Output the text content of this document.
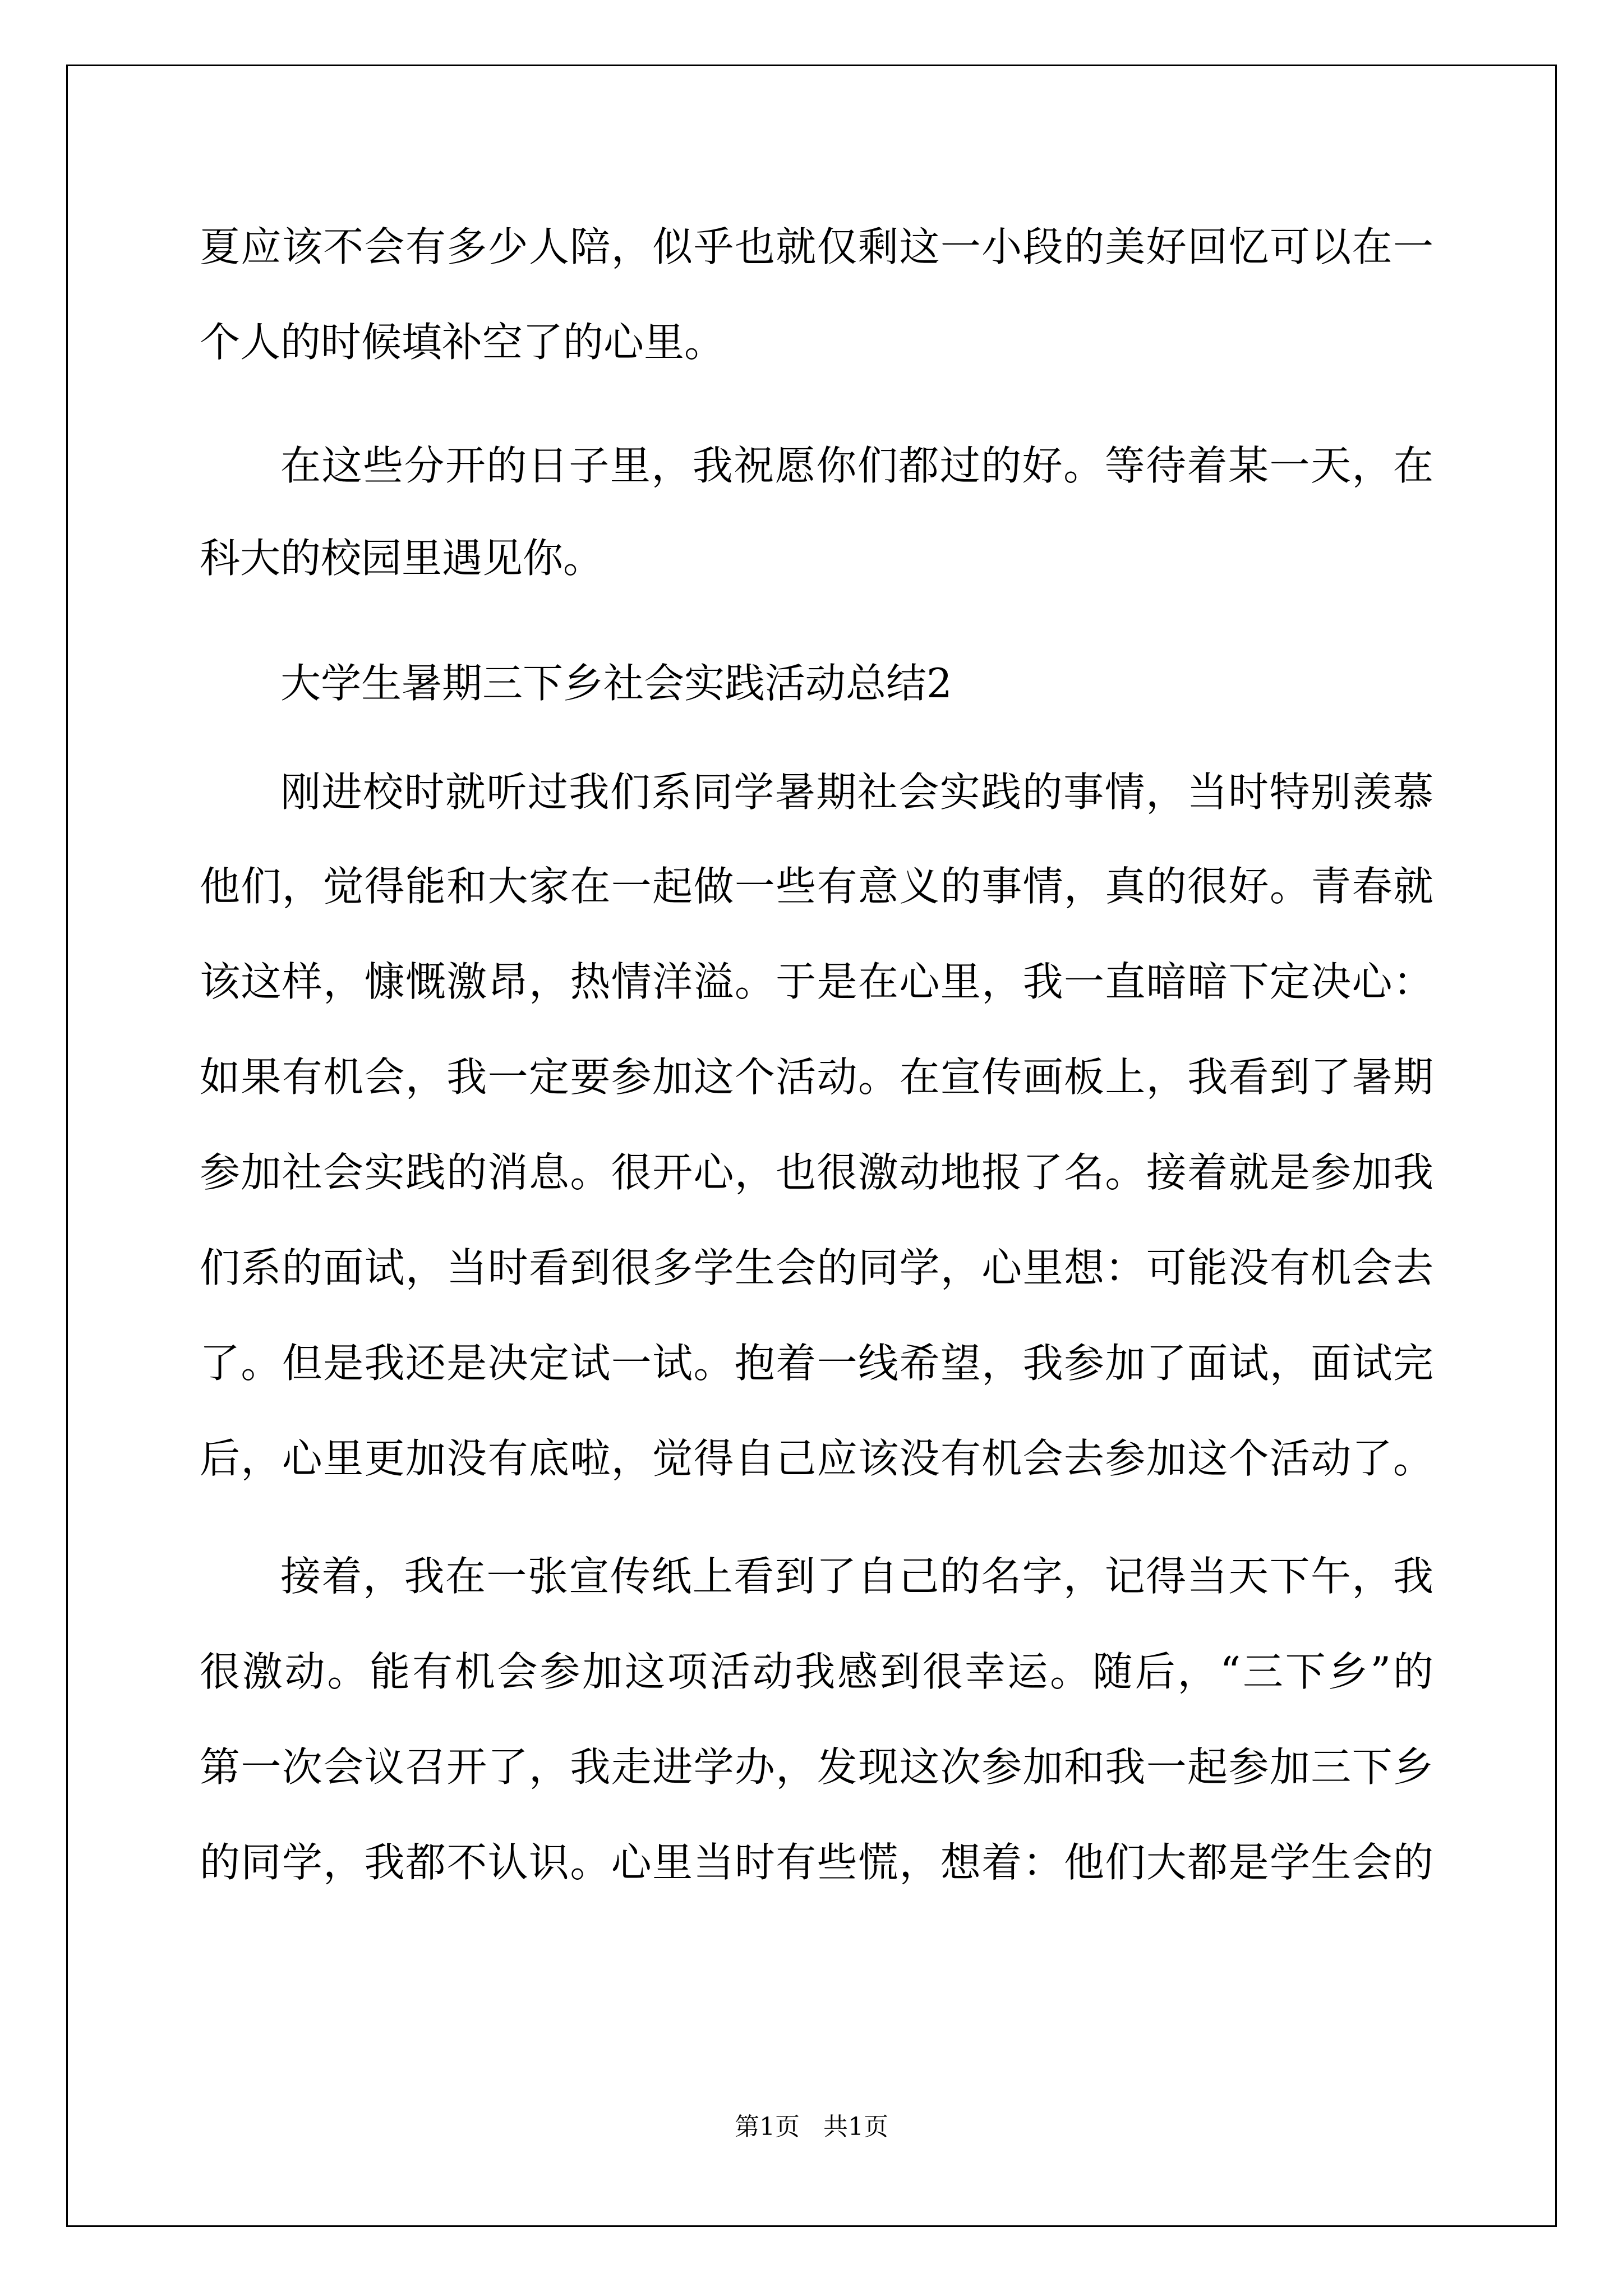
夏应该不会有多少人陪，似乎也就仅剩这一小段的美好回忆可以在一
个人的时候填补空了的心里。
在这些分开的日子里，我祝愿你们都过的好。等待着某一天，在
科大的校园里遇见你。
大学生暑期三下乡社会实践活动总结2
刚进校时就听过我们系同学暑期社会实践的事情，当时特别羡慕
他们，觉得能和大家在一起做一些有意义的事情，真的很好。青春就
该这样，慷慨激昂，热情洋溢。于是在心里，我一直暗暗下定决心：
如果有机会，我一定要参加这个活动。在宣传画板上，我看到了暑期
参加社会实践的消息。很开心，也很激动地报了名。接着就是参加我
们系的面试，当时看到很多学生会的同学，心里想：可能没有机会去
了。但是我还是决定试一试。抱着一线希望，我参加了面试，面试完
后，心里更加没有底啦，觉得自己应该没有机会去参加这个活动了。
接着，我在一张宣传纸上看到了自己的名字，记得当天下午，我
很激动。能有机会参加这项活动我感到很幸运。随后，“三下乡”的
第一次会议召开了，我走进学办，发现这次参加和我一起参加三下乡
的同学，我都不认识。心里当时有些慌，想着：他们大都是学生会的
第1页   共1页
